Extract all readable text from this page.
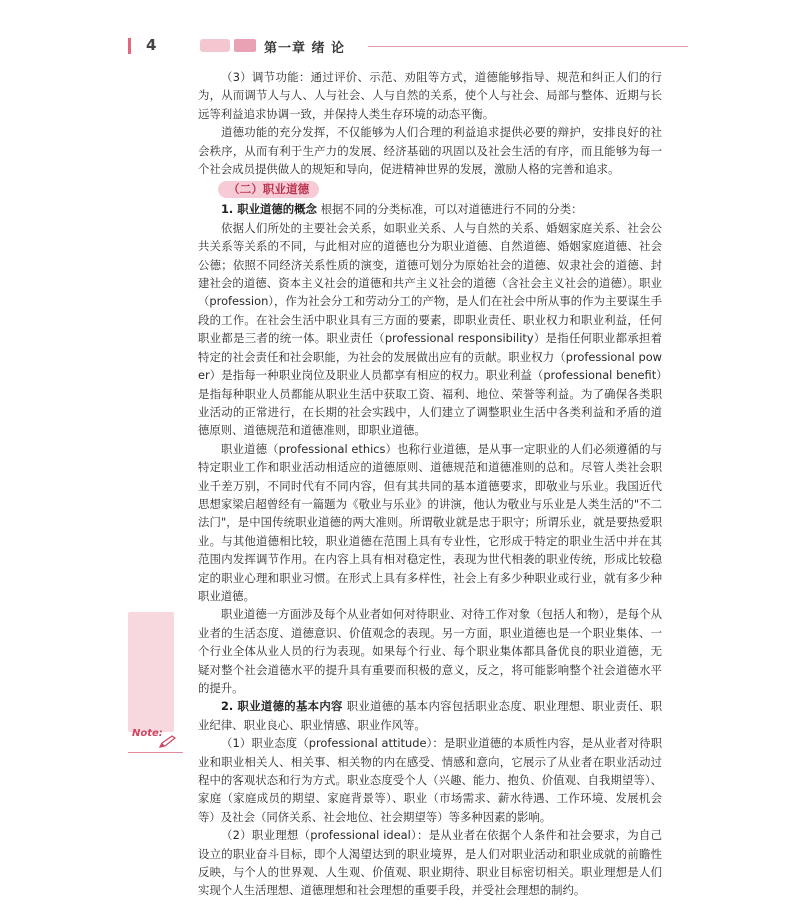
4	第一章 绪 论

（3）调节功能：通过评价、示范、劝阻等方式，道德能够指导、规范和纠正人们的行为，从而调节人与人、人与社会、人与自然的关系，使个人与社会、局部与整体、近期与长远等利益追求协调一致，并保持人类生存环境的动态平衡。

道德功能的充分发挥，不仅能够为人们合理的利益追求提供必要的辩护，安排良好的社会秩序，从而有利于生产力的发展、经济基础的巩固以及社会生活的有序，而且能够为每一个社会成员提供做人的规矩和导向，促进精神世界的发展，激励人格的完善和追求。

（二）职业道德

1. 职业道德的概念 根据不同的分类标准，可以对道德进行不同的分类：

依据人们所处的主要社会关系，如职业关系、人与自然的关系、婚姻家庭关系、社会公共关系等关系的不同，与此相对应的道德也分为职业道德、自然道德、婚姻家庭道德、社会公德；依照不同经济关系性质的演变，道德可划分为原始社会的道德、奴隶社会的道德、封建社会的道德、资本主义社会的道德和共产主义社会的道德（含社会主义社会的道德）。职业（profession），作为社会分工和劳动分工的产物，是人们在社会中所从事的作为主要谋生手段的工作。在社会生活中职业具有三方面的要素，即职业责任、职业权力和职业利益，任何职业都是三者的统一体。职业责任（professional responsibility）是指任何职业都承担着特定的社会责任和社会职能，为社会的发展做出应有的贡献。职业权力（professional power）是指每一种职业岗位及职业人员都享有相应的权力。职业利益（professional benefit）是指每种职业人员都能从职业生活中获取工资、福利、地位、荣誉等利益。为了确保各类职业活动的正常进行，在长期的社会实践中，人们建立了调整职业生活中各类利益和矛盾的道德原则、道德规范和道德准则，即职业道德。

职业道德（professional ethics）也称行业道德，是从事一定职业的人们必须遵循的与特定职业工作和职业活动相适应的道德原则、道德规范和道德准则的总和。尽管人类社会职业千差万别，不同时代有不同内容，但有其共同的基本道德要求，即敬业与乐业。我国近代思想家梁启超曾经有一篇题为《敬业与乐业》的讲演，他认为敬业与乐业是人类生活的"不二法门"，是中国传统职业道德的两大准则。所谓敬业就是忠于职守；所谓乐业，就是要热爱职业。与其他道德相比较，职业道德在范围上具有专业性，它形成于特定的职业生活中并在其范围内发挥调节作用。在内容上具有相对稳定性，表现为世代相袭的职业传统，形成比较稳定的职业心理和职业习惯。在形式上具有多样性，社会上有多少种职业或行业，就有多少种职业道德。

职业道德一方面涉及每个从业者如何对待职业、对待工作对象（包括人和物），是每个从业者的生活态度、道德意识、价值观念的表现。另一方面，职业道德也是一个职业集体、一个行业全体从业人员的行为表现。如果每个行业、每个职业集体都具备优良的职业道德，无疑对整个社会道德水平的提升具有重要而积极的意义，反之，将可能影响整个社会道德水平的提升。

2. 职业道德的基本内容 职业道德的基本内容包括职业态度、职业理想、职业责任、职业纪律、职业良心、职业情感、职业作风等。

（1）职业态度（professional attitude）：是职业道德的本质性内容，是从业者对待职业和职业相关人、相关事、相关物的内在感受、情感和意向，它展示了从业者在职业活动过程中的客观状态和行为方式。职业态度受个人（兴趣、能力、抱负、价值观、自我期望等）、家庭（家庭成员的期望、家庭背景等）、职业（市场需求、薪水待遇、工作环境、发展机会等）及社会（同侪关系、社会地位、社会期望等）等多种因素的影响。

（2）职业理想（professional ideal）：是从业者在依据个人条件和社会要求，为自己设立的职业奋斗目标，即个人渴望达到的职业境界，是人们对职业活动和职业成就的前瞻性反映，与个人的世界观、人生观、价值观、职业期待、职业目标密切相关。职业理想是人们实现个人生活理想、道德理想和社会理想的重要手段，并受社会理想的制约。

Note:
